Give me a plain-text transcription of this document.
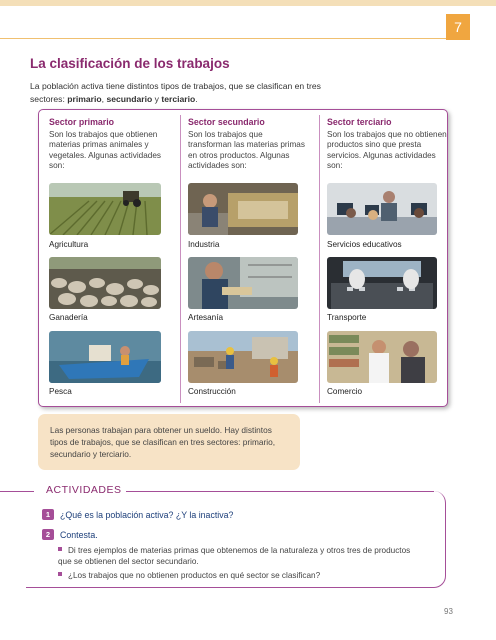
7
La clasificación de los trabajos

La población activa tiene distintos tipos de trabajos, que se clasifican en tres sectores: primario, secundario y terciario.

Sector primario
Son los trabajos que obtienen materias primas animales y vegetales. Algunas actividades son:
Sector secundario
Son los trabajos que transforman las materias primas en otros productos. Algunas actividades son:
Sector terciario
Son los trabajos que no obtienen productos sino que presta servicios. Algunas actividades son:
Agricultura	Industria	Servicios educativos
Ganadería	Artesanía	Transporte
Pesca	Construcción	Comercio
Las personas trabajan para obtener un sueldo. Hay distintos tipos de trabajos, que se clasifican en tres sectores: primario, secundario y terciario.
ACTIVIDADES
1 ¿Qué es la población activa? ¿Y la inactiva?
2 Contesta.
Di tres ejemplos de materias primas que obtenemos de la naturaleza y otros tres de productos que se obtienen del sector secundario.
¿Los trabajos que no obtienen productos en qué sector se clasifican?
93
